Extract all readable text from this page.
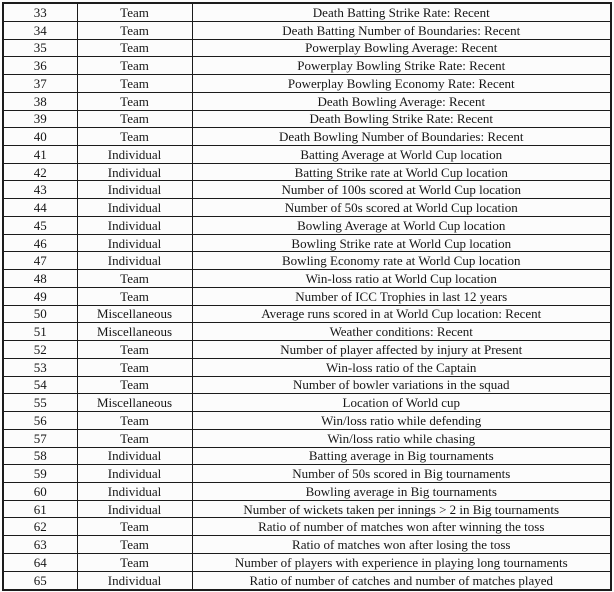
33	Team	Death Batting Strike Rate: Recent
34	Team	Death Batting Number of Boundaries: Recent
35	Team	Powerplay Bowling Average: Recent
36	Team	Powerplay Bowling Strike Rate: Recent
37	Team	Powerplay Bowling Economy Rate: Recent
38	Team	Death Bowling Average: Recent
39	Team	Death Bowling Strike Rate: Recent
40	Team	Death Bowling Number of Boundaries: Recent
41	Individual	Batting Average at World Cup location
42	Individual	Batting Strike rate at World Cup location
43	Individual	Number of 100s scored at World Cup location
44	Individual	Number of 50s scored at World Cup location
45	Individual	Bowling Average at World Cup location
46	Individual	Bowling Strike rate at World Cup location
47	Individual	Bowling Economy rate at World Cup location
48	Team	Win-loss ratio at World Cup location
49	Team	Number of ICC Trophies in last 12 years
50	Miscellaneous	Average runs scored in at World Cup location: Recent
51	Miscellaneous	Weather conditions: Recent
52	Team	Number of player affected by injury at Present
53	Team	Win-loss ratio of the Captain
54	Team	Number of bowler variations in the squad
55	Miscellaneous	Location of World cup
56	Team	Win/loss ratio while defending
57	Team	Win/loss ratio while chasing
58	Individual	Batting average in Big tournaments
59	Individual	Number of 50s scored in Big tournaments
60	Individual	Bowling average in Big tournaments
61	Individual	Number of wickets taken per innings > 2 in Big tournaments
62	Team	Ratio of number of matches won after winning the toss
63	Team	Ratio of matches won after losing the toss
64	Team	Number of players with experience in playing long tournaments
65	Individual	Ratio of number of catches and number of matches played
